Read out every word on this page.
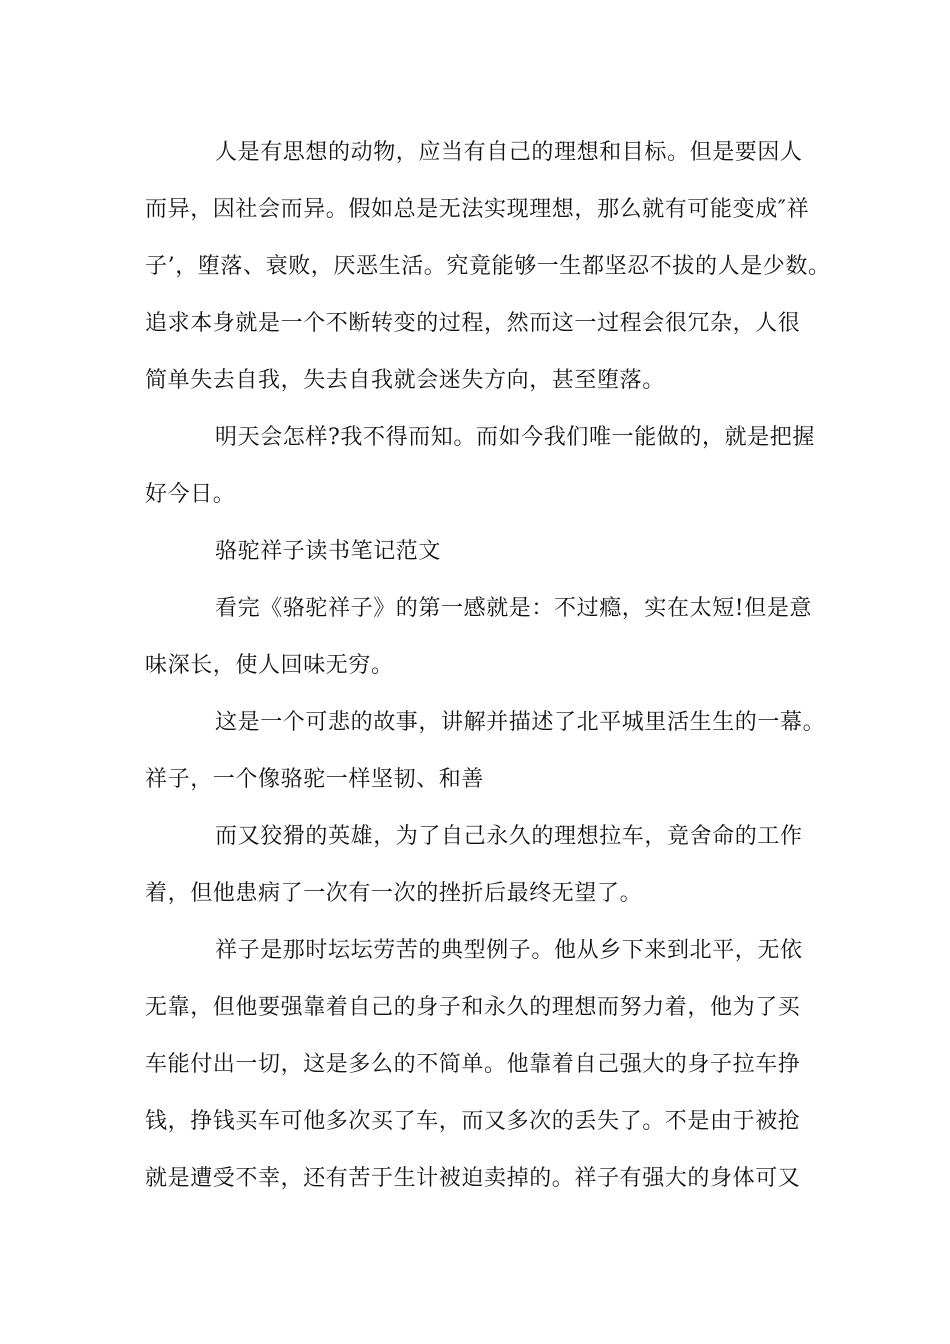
人是有思想的动物，应当有自己的理想和目标。但是要因人
而异，因社会而异。假如总是无法实现理想，那么就有可能变成″祥
子’，堕落、衰败，厌恶生活。究竟能够一生都坚忍不拔的人是少数。
追求本身就是一个不断转变的过程，然而这一过程会很冗杂，人很
简单失去自我，失去自我就会迷失方向，甚至堕落。
明天会怎样?我不得而知。而如今我们唯一能做的，就是把握
好今日。
骆驼祥子读书笔记范文
看完《骆驼祥子》的第一感就是：不过瘾，实在太短!但是意
味深长，使人回味无穷。
这是一个可悲的故事，讲解并描述了北平城里活生生的一幕。
祥子，一个像骆驼一样坚韧、和善
而又狡猾的英雄，为了自己永久的理想拉车，竟舍命的工作
着，但他患病了一次有一次的挫折后最终无望了。
祥子是那时坛坛劳苦的典型例子。他从乡下来到北平，无依
无靠，但他要强靠着自己的身子和永久的理想而努力着，他为了买
车能付出一切，这是多么的不简单。他靠着自己强大的身子拉车挣
钱，挣钱买车可他多次买了车，而又多次的丢失了。不是由于被抢
就是遭受不幸，还有苦于生计被迫卖掉的。祥子有强大的身体可又
